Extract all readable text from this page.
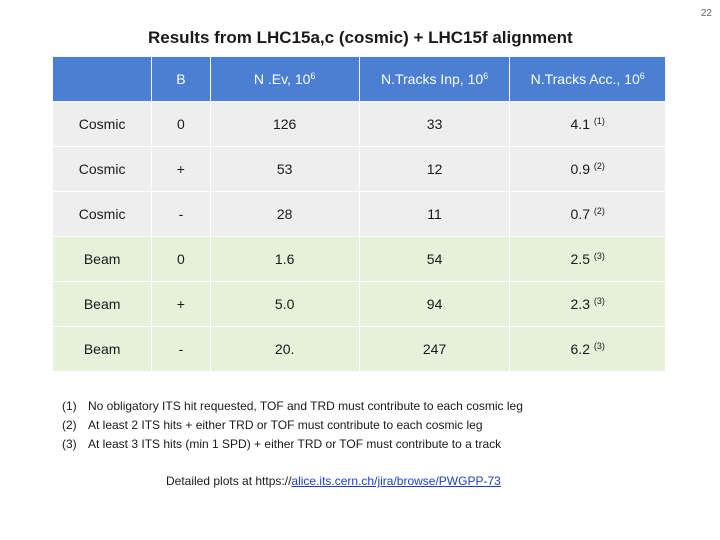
22
Results from LHC15a,c (cosmic) + LHC15f alignment
	B	N .Ev, $10^6$	N.Tracks Inp, $10^6$	N.Tracks Acc., $10^6$
Cosmic	0	126	33	4.1 $^{(1)}$
Cosmic	+	53	12	0.9 $^{(2)}$
Cosmic	-	28	11	0.7 $^{(2)}$
Beam	0	1.6	54	2.5 $^{(3)}$
Beam	+	5.0	94	2.3 $^{(3)}$
Beam	-	20.	247	6.2 $^{(3)}$
(1) No obligatory ITS hit requested, TOF and TRD must contribute to each cosmic leg
(2) At least 2 ITS hits + either TRD or TOF must contribute to each cosmic leg
(3) At least 3 ITS hits (min 1 SPD) + either TRD or TOF must contribute to a track
Detailed plots at https://alice.its.cern.ch/jira/browse/PWGPP-73
